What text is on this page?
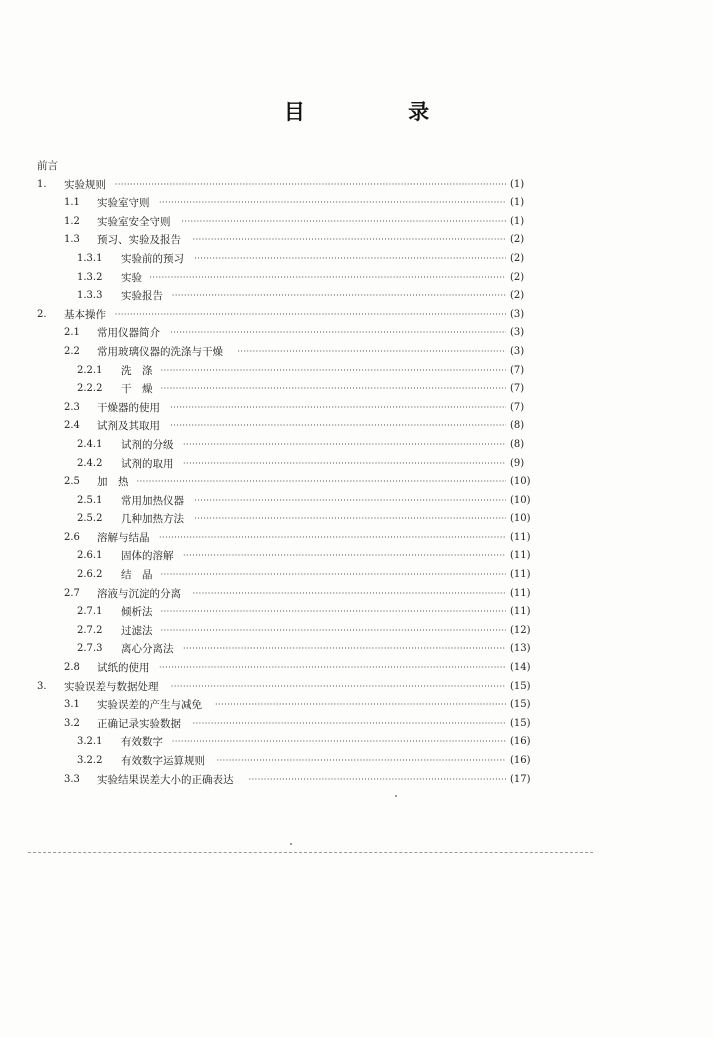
目 录
前言
1. 实验规则 ·····	(1)
1.1 实验室守则 ·····	(1)
1.2 实验室安全守则 ·····	(1)
1.3 预习、实验及报告 ·····	(2)
1.3.1 实验前的预习 ·····	(2)
1.3.2 实验 ·····	(2)
1.3.3 实验报告 ·····	(2)
2. 基本操作 ·····	(3)
2.1 常用仪器简介 ·····	(3)
2.2 常用玻璃仪器的洗涤与干燥 ·····	(3)
2.2.1 洗　涤 ·····	(7)
2.2.2 干　燥 ·····	(7)
2.3 干燥器的使用 ·····	(7)
2.4 试剂及其取用 ·····	(8)
2.4.1 试剂的分级 ·····	(8)
2.4.2 试剂的取用 ·····	(9)
2.5 加　热 ·····	(10)
2.5.1 常用加热仪器 ·····	(10)
2.5.2 几种加热方法 ·····	(10)
2.6 溶解与结晶 ·····	(11)
2.6.1 固体的溶解 ·····	(11)
2.6.2 结　晶 ·····	(11)
2.7 溶液与沉淀的分离 ·····	(11)
2.7.1 倾析法 ·····	(11)
2.7.2 过滤法 ·····	(12)
2.7.3 离心分离法 ·····	(13)
2.8 试纸的使用 ·····	(14)
3. 实验误差与数据处理 ·····	(15)
3.1 实验误差的产生与减免 ·····	(15)
3.2 正确记录实验数据 ·····	(15)
3.2.1 有效数字 ·····	(16)
3.2.2 有效数字运算规则 ·····	(16)
3.3 实验结果误差大小的正确表达 ·····	(17)
